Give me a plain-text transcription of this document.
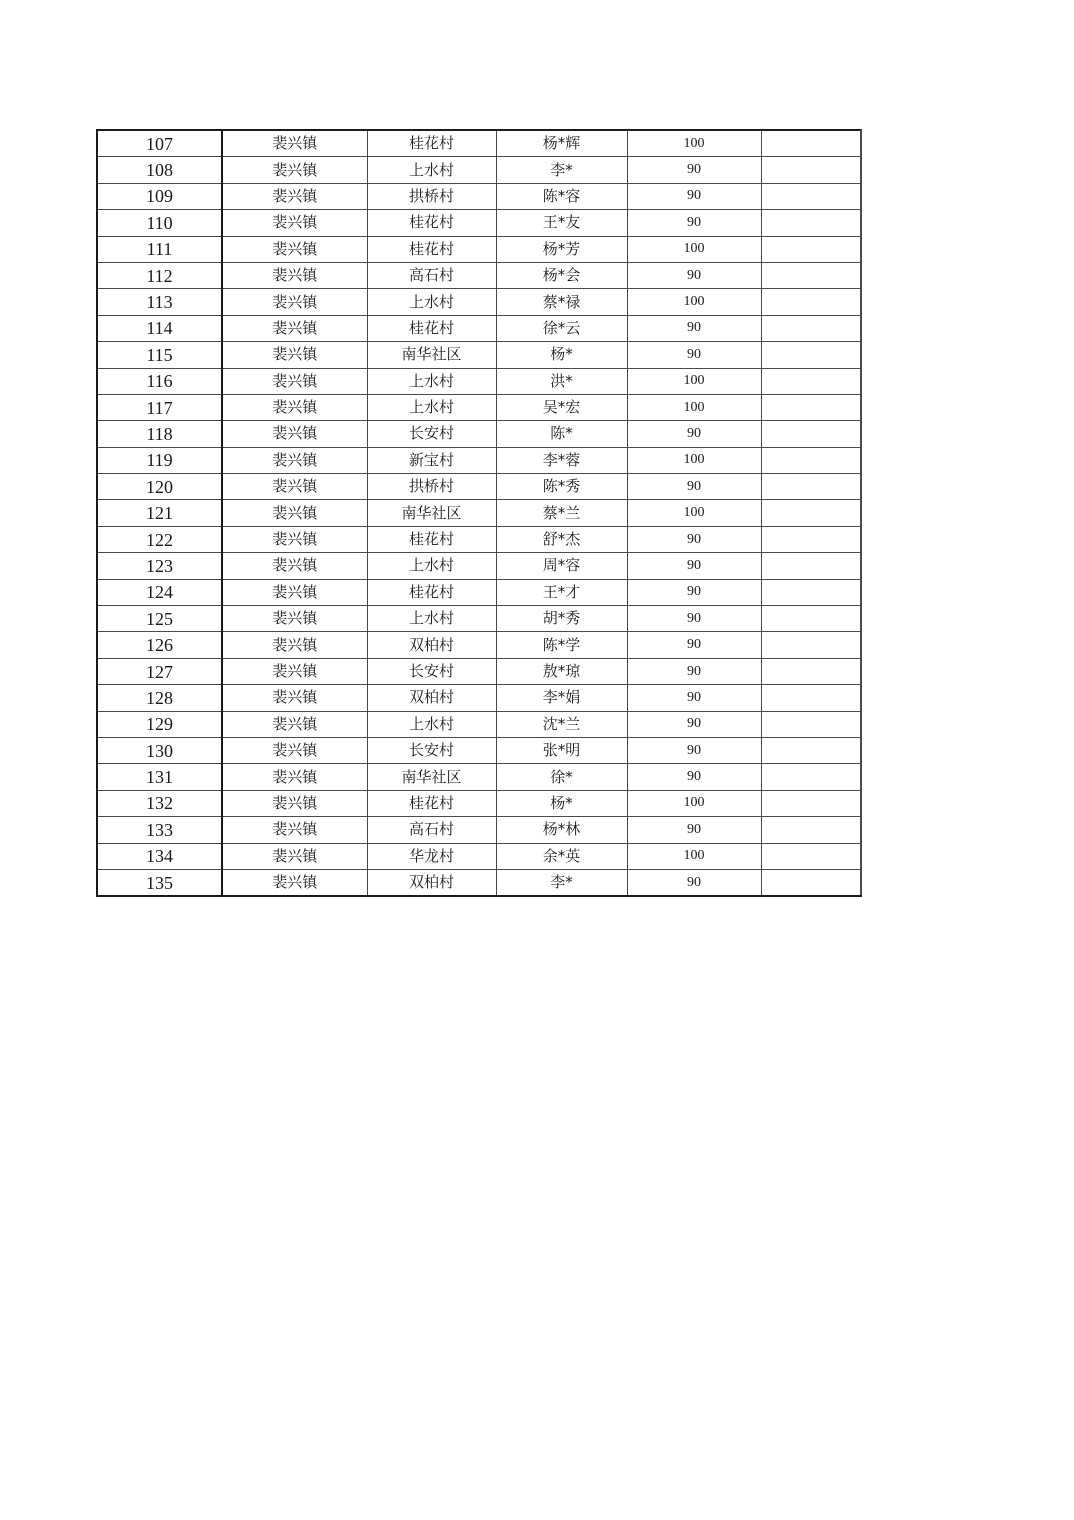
107	裴兴镇	桂花村	杨*辉	100	
108	裴兴镇	上水村	李*	90	
109	裴兴镇	拱桥村	陈*容	90	
110	裴兴镇	桂花村	王*友	90	
111	裴兴镇	桂花村	杨*芳	100	
112	裴兴镇	高石村	杨*会	90	
113	裴兴镇	上水村	蔡*禄	100	
114	裴兴镇	桂花村	徐*云	90	
115	裴兴镇	南华社区	杨*	90	
116	裴兴镇	上水村	洪*	100	
117	裴兴镇	上水村	吴*宏	100	
118	裴兴镇	长安村	陈*	90	
119	裴兴镇	新宝村	李*蓉	100	
120	裴兴镇	拱桥村	陈*秀	90	
121	裴兴镇	南华社区	蔡*兰	100	
122	裴兴镇	桂花村	舒*杰	90	
123	裴兴镇	上水村	周*容	90	
124	裴兴镇	桂花村	王*才	90	
125	裴兴镇	上水村	胡*秀	90	
126	裴兴镇	双柏村	陈*学	90	
127	裴兴镇	长安村	敖*琼	90	
128	裴兴镇	双柏村	李*娟	90	
129	裴兴镇	上水村	沈*兰	90	
130	裴兴镇	长安村	张*明	90	
131	裴兴镇	南华社区	徐*	90	
132	裴兴镇	桂花村	杨*	100	
133	裴兴镇	高石村	杨*林	90	
134	裴兴镇	华龙村	余*英	100	
135	裴兴镇	双柏村	李*	90	
